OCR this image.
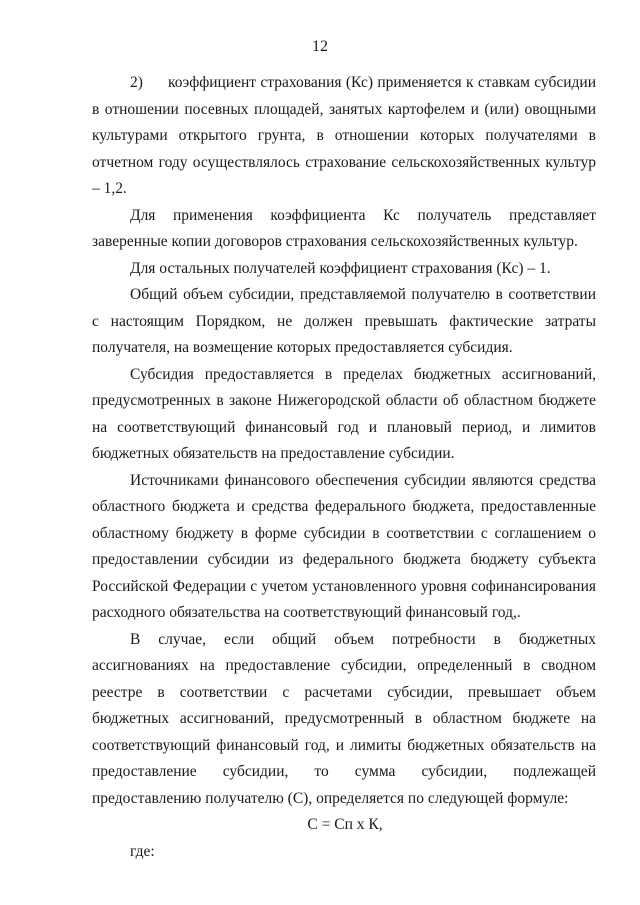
12

2) коэффициент страхования (Кс) применяется к ставкам субсидии в отношении посевных площадей, занятых картофелем и (или) овощными культурами открытого грунта, в отношении которых получателями в отчетном году осуществлялось страхование сельскохозяйственных культур – 1,2.

Для применения коэффициента Кс получатель представляет заверенные копии договоров страхования сельскохозяйственных культур.

Для остальных получателей коэффициент страхования (Кс) – 1.

Общий объем субсидии, представляемой получателю в соответствии с настоящим Порядком, не должен превышать фактические затраты получателя, на возмещение которых предоставляется субсидия.

Субсидия предоставляется в пределах бюджетных ассигнований, предусмотренных в законе Нижегородской области об областном бюджете на соответствующий финансовый год и плановый период, и лимитов бюджетных обязательств на предоставление субсидии.

Источниками финансового обеспечения субсидии являются средства областного бюджета и средства федерального бюджета, предоставленные областному бюджету в форме субсидии в соответствии с соглашением о предоставлении субсидии из федерального бюджета бюджету субъекта Российской Федерации с учетом установленного уровня софинансирования расходного обязательства на соответствующий финансовый год,.

В случае, если общий объем потребности в бюджетных ассигнованиях на предоставление субсидии, определенный в сводном реестре в соответствии с расчетами субсидии, превышает объем бюджетных ассигнований, предусмотренный в областном бюджете на соответствующий финансовый год, и лимиты бюджетных обязательств на предоставление субсидии, то сумма субсидии, подлежащей предоставлению получателю (С), определяется по следующей формуле:

С = Сп х К,

где:
